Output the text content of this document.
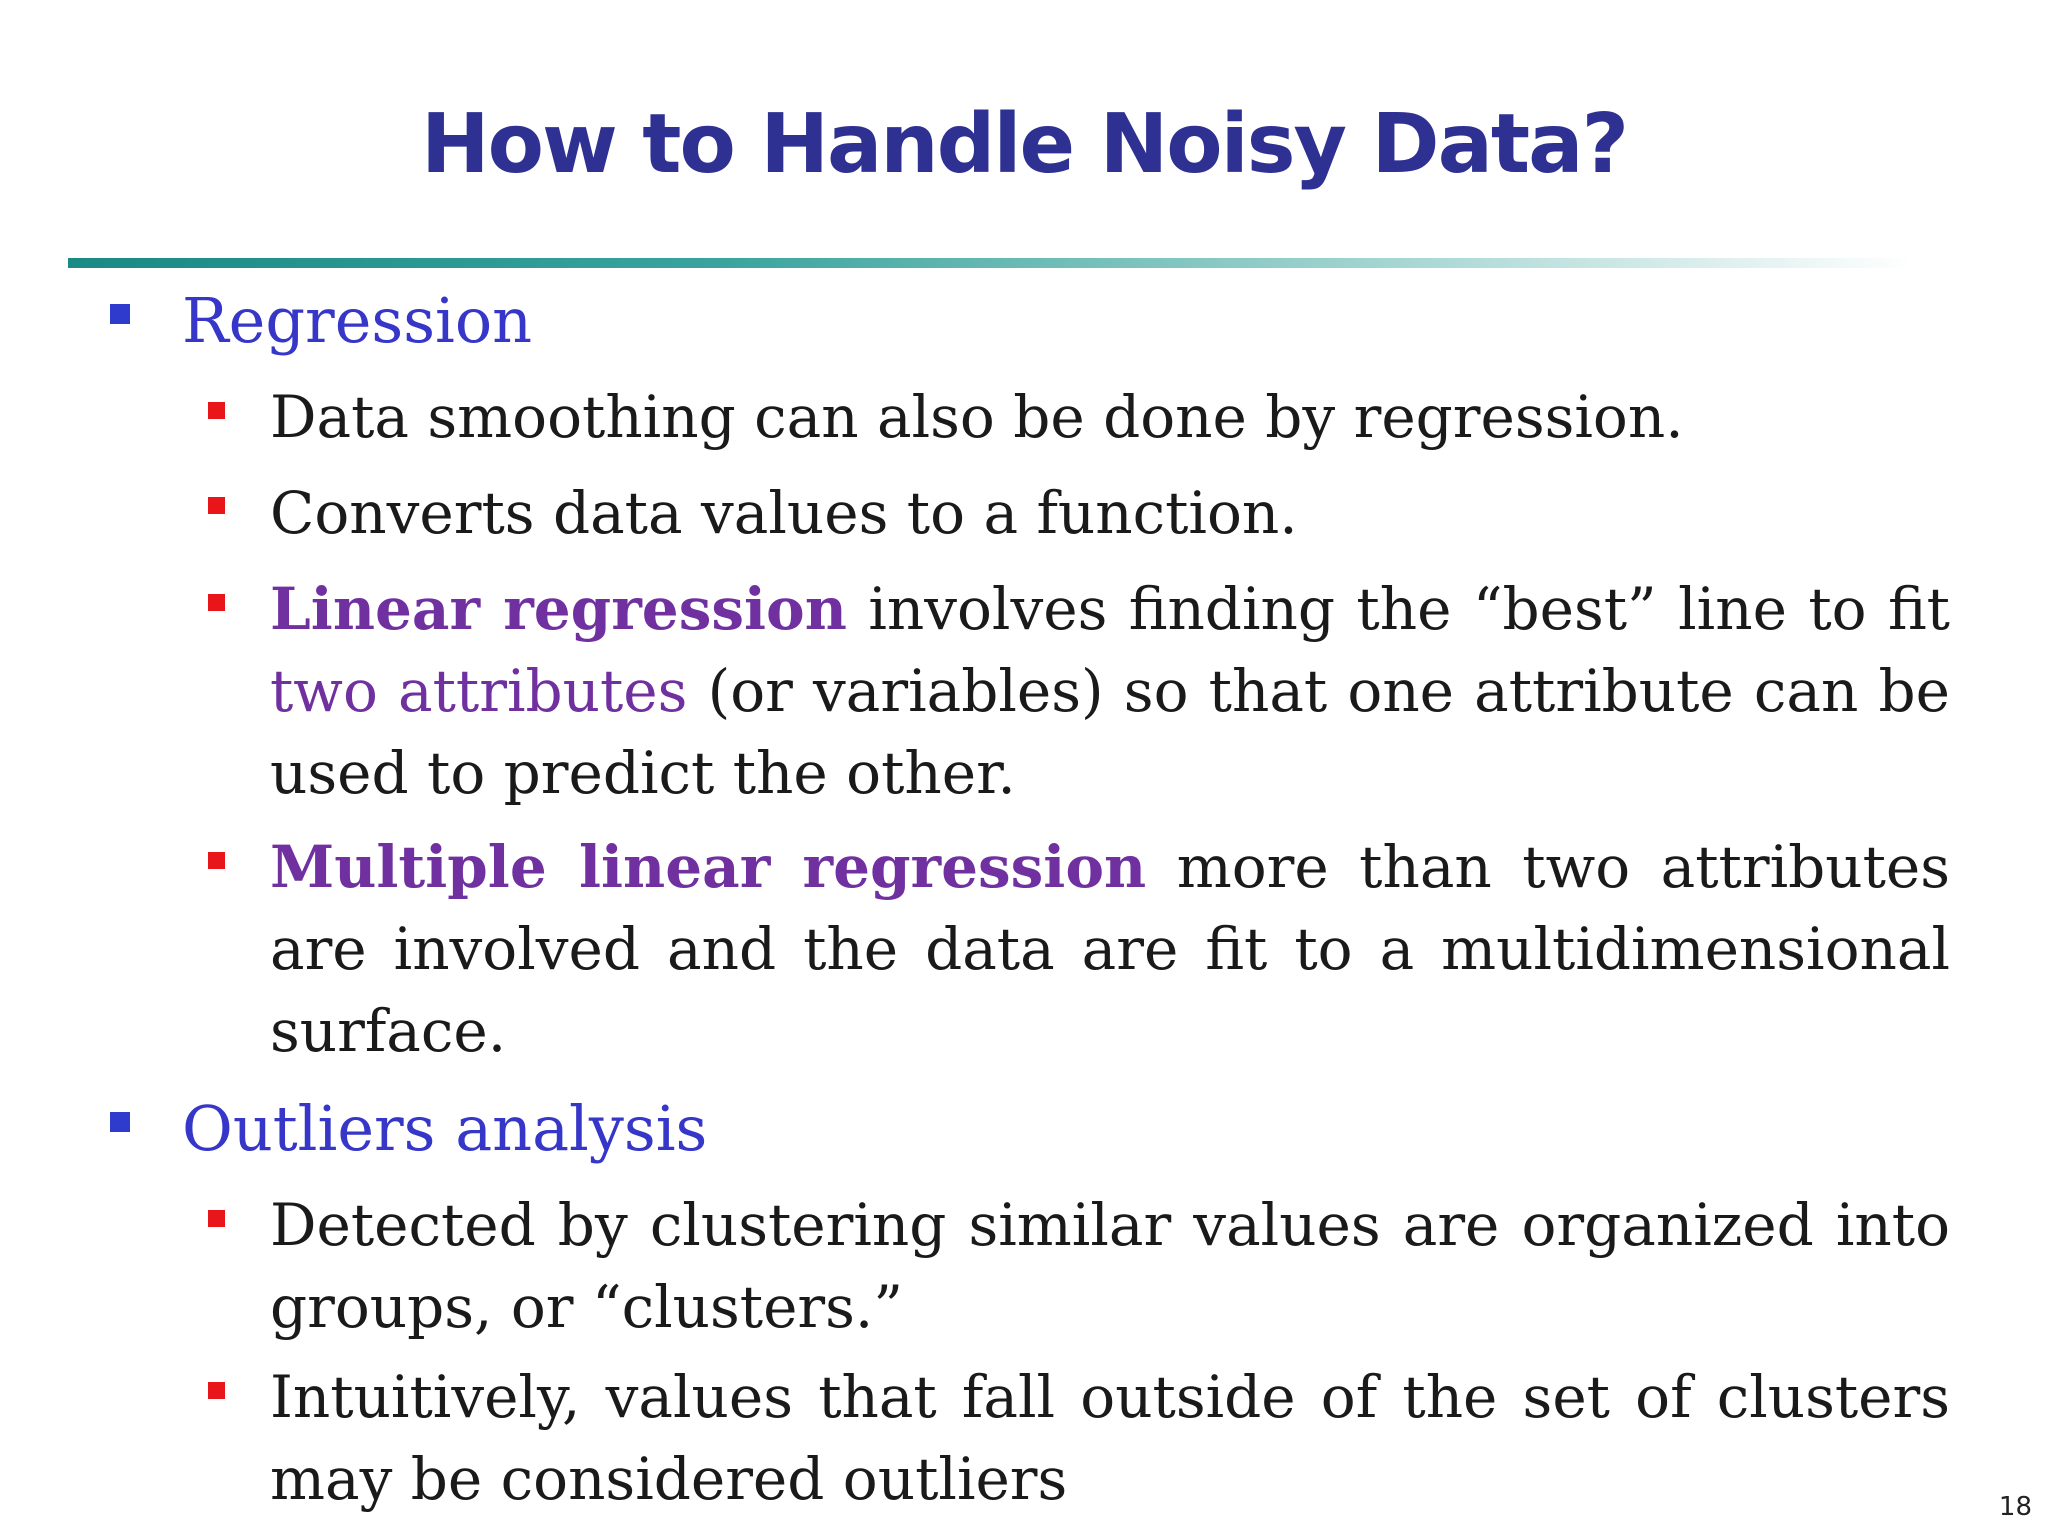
How to Handle Noisy Data?
Regression
Data smoothing can also be done by regression.
Converts data values to a function.
Linear regression involves finding the “best” line to fit two attributes (or variables) so that one attribute can be used to predict the other.
Multiple linear regression more than two attributes are involved and the data are fit to a multidimensional surface.
Outliers analysis
Detected by clustering similar values are organized into groups, or “clusters.”
Intuitively, values that fall outside of the set of clusters may be considered outliers	18
